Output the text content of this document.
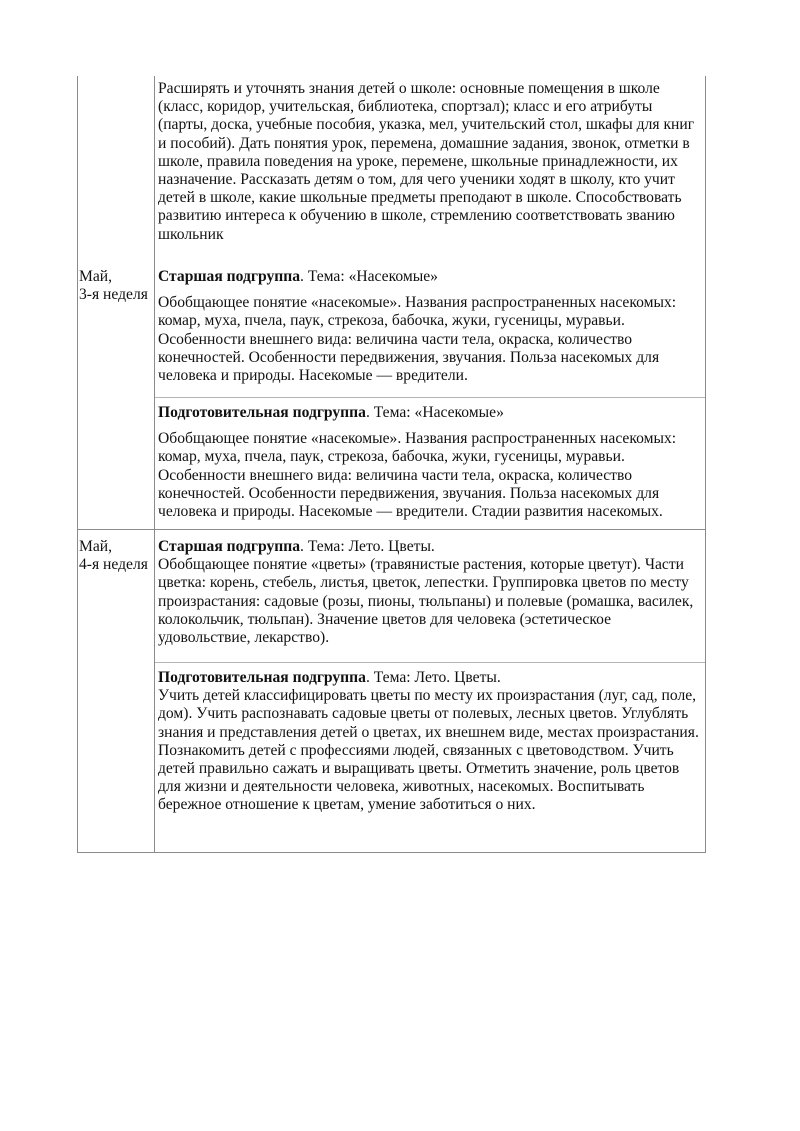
Расширять и уточнять знания детей о школе: основные помещения в школе (класс, коридор, учительская, библиотека, спортзал); класс и его атрибуты (парты, доска, учебные пособия, указка, мел, учительский стол, шкафы для книг и пособий). Дать понятия урок, перемена, домашние задания, звонок, отметки в школе, правила поведения на уроке, перемене, школьные принадлежности, их назначение. Рассказать детям о том, для чего ученики ходят в школу, кто учит детей в школе, какие школьные предметы преподают в школе. Способствовать развитию интереса к обучению в школе, стремлению соответствовать званию школьник

Май,
3-я неделя

Старшая подгруппа. Тема: «Насекомые»

Обобщающее понятие «насекомые». Названия распространенных насекомых: комар, муха, пчела, паук, стрекоза, бабочка, жуки, гусеницы, муравьи. Особенности внешнего вида: величина части тела, окраска, количество конечностей. Особенности передвижения, звучания. Польза насекомых для человека и природы. Насекомые — вредители.

Подготовительная подгруппа. Тема: «Насекомые»

Обобщающее понятие «насекомые». Названия распространенных насекомых: комар, муха, пчела, паук, стрекоза, бабочка, жуки, гусеницы, муравьи. Особенности внешнего вида: величина части тела, окраска, количество конечностей. Особенности передвижения, звучания. Польза насекомых для человека и природы. Насекомые — вредители. Стадии развития насекомых.

Май,
4-я неделя

Старшая подгруппа. Тема: Лето. Цветы.

Обобщающее понятие «цветы» (травянистые растения, которые цветут). Части цветка: корень, стебель, листья, цветок, лепестки. Группировка цветов по месту произрастания: садовые (розы, пионы, тюльпаны) и полевые (ромашка, василек, колокольчик, тюльпан). Значение цветов для человека (эстетическое удовольствие, лекарство).

Подготовительная подгруппа. Тема: Лето. Цветы.

Учить детей классифицировать цветы по месту их произрастания (луг, сад, поле, дом). Учить распознавать садовые цветы от полевых, лесных цветов. Углублять знания и представления детей о цветах, их внешнем виде, местах произрастания. Познакомить детей с профессиями людей, связанных с цветоводством. Учить детей правильно сажать и выращивать цветы. Отметить значение, роль цветов для жизни и деятельности человека, животных, насекомых. Воспитывать бережное отношение к цветам, умение заботиться о них.
